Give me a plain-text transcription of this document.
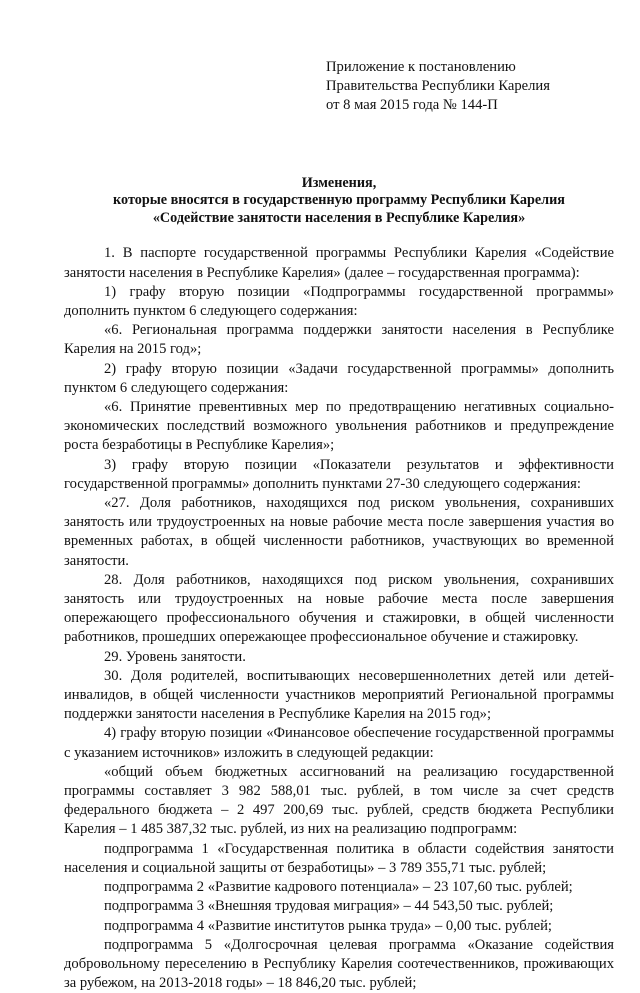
Приложение к постановлению
Правительства Республики Карелия
от 8 мая 2015 года № 144-П
Изменения,
которые вносятся в государственную программу Республики Карелия
«Содействие занятости населения в Республике Карелия»

1. В паспорте государственной программы Республики Карелия «Содействие занятости населения в Республике Карелия» (далее – государственная программа):

1) графу вторую позиции «Подпрограммы государственной программы» дополнить пунктом 6 следующего содержания:

«6. Региональная программа поддержки занятости населения в Республике Карелия на 2015 год»;

2) графу вторую позиции «Задачи государственной программы» дополнить пунктом 6 следующего содержания:

«6. Принятие превентивных мер по предотвращению негативных социально-экономических последствий возможного увольнения работников и предупреждение роста безработицы в Республике Карелия»;

3) графу вторую позиции «Показатели результатов и эффективности государственной программы» дополнить пунктами 27-30 следующего содержания:

«27. Доля работников, находящихся под риском увольнения, сохранивших занятость или трудоустроенных на новые рабочие места после завершения участия во временных работах, в общей численности работников, участвующих во временной занятости.

28. Доля работников, находящихся под риском увольнения, сохранивших занятость или трудоустроенных на новые рабочие места после завершения опережающего профессионального обучения и стажировки, в общей численности работников, прошедших опережающее профессиональное обучение и стажировку.

29. Уровень занятости.

30. Доля родителей, воспитывающих несовершеннолетних детей или детей-инвалидов, в общей численности участников мероприятий Региональной программы поддержки занятости населения в Республике Карелия на 2015 год»;

4) графу вторую позиции «Финансовое обеспечение государственной программы с указанием источников» изложить в следующей редакции:

«общий объем бюджетных ассигнований на реализацию государственной программы составляет 3 982 588,01 тыс. рублей, в том числе за счет средств федерального бюджета – 2 497 200,69 тыс. рублей, средств бюджета Республики Карелия – 1 485 387,32 тыс. рублей, из них на реализацию подпрограмм:

подпрограмма 1 «Государственная политика в области содействия занятости населения и социальной защиты от безработицы» – 3 789 355,71 тыс. рублей;

подпрограмма 2 «Развитие кадрового потенциала» – 23 107,60 тыс. рублей;

подпрограмма 3 «Внешняя трудовая миграция» – 44 543,50 тыс. рублей;

подпрограмма 4 «Развитие институтов рынка труда» – 0,00 тыс. рублей;

подпрограмма 5 «Долгосрочная целевая программа «Оказание содействия добровольному переселению в Республику Карелия соотечественников, проживающих за рубежом, на 2013-2018 годы» – 18 846,20 тыс. рублей;
